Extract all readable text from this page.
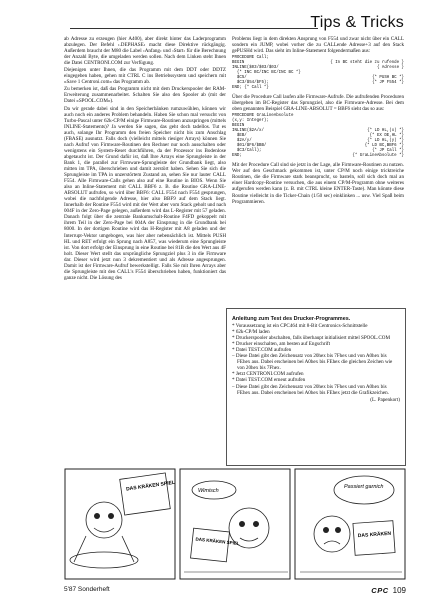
Tips & Tricks

ab Adresse zu erzeugen (hier A400), aber direkt hinter das Laderprogramm abzulegen. Der Befehl ›.DEPHASE‹ macht diese Direktive rückgängig. Außerdem braucht der M80 die Label ›Anfang‹ und ›Start‹ für die Berechnung der Anzahl Byte, die umgeladen werden sollen. Nach dem Linken steht Ihnen die Datei CENTRONI.COM zur Verfügung.

Diejenigen unter Ihnen, die das Programm mit dem DDT oder DDTZ eingegeben haben, gehen mit CTRL C ins Betriebssystem und speichern mit »Save 1 Centroni.com« das Programm ab.

Zu bemerken ist, daß das Programm nicht mit dem Druckerspooler der RAM-Erweiterung zusammenarbeitet. Schalten Sie also den Spooler ab (mit der Datei »SPOOL.COM«).

Da wir gerade dabei sind in den Speicherbänken rumzuwühlen, können wir auch noch ein anderes Problem behandeln. Haben Sie schon mal versucht von Turbo-Pascal unter 62k-CP/M einige Firmware-Routinen anzuspringen (mittels INLINE-Statements)? Ja werden Sie sagen, das geht doch tadellos. Tut es auch, solange Ihr Programm den freien Speicher nicht bis zum Anschlag (FBASE) ausnutzt. Falls doch (vielleicht mittels riesiger Arrays) können Sie nach Aufruf von Firmware-Routinen den Rechner nur noch ausschalten oder wenigstens ein System-Reset durchführen, da der Prozessor ins Bodenlose abgetaucht ist. Der Grund dafür ist, daß Ihre Arrays eine Sprungleiste in der Bank 1, die parallel zur Firmware-Sprungleiste der Grundbank liegt, also mitten im TPA, überschrieben und damit zerstört haben. Sehen Sie sich die Sprungleiste im TPA in unzerstörtem Zustand an, sehen Sie nur lauter CALL F554. Alle Firmware-Calls gehen also auf eine Routine in BIOS. Wenn Sie also an Inline-Statement mit CALL BBF6 z. B. die Routine GRA-LINE-ABSOLUT aufrufen, so wird über BBF6: CALL F554 nach F554 gesprungen, wobei die nachfolgende Adresse, hier also BBF9 auf dem Stack liegt. Innerhalb der Routine F554 wird mit der Wert aber vom Stack geholt und nach 004F in der Zero-Page gelegen, außerdem wird das L-Register mit 57 geladen. Danach folgt über die zentrale Bankumschalt-Routine F4FD gekoppelt mit ihrem Teil in der Zero-Page bei 004A der Einsprung in die Grundbank bei 8000. In der dortigen Routine wird das H-Register mit A8 geladen und der Interrupt-Vektor umgebogen, was hier aber nebensächlich ist. Mittels PUSH HL und RET erfolgt ein Sprung nach A857, was wiederum eine Sprungleiste ist. Von dort erfolgt der Einsprung in eine Routine bei 81B die den Wert aus 4F holt. Dieser Wert stellt das ursprüngliche Sprungziel plus 3 in die Firmware dar. Dieser wird jetzt nun 3 dekrementiert und als Adresse angesprungen. Damit ist der Firmware-Aufruf bewerkstelligt. Falls Sie mit Ihren Arrays aber die Sprungleiste mit den CALL's F554 überschrieben haben, funktioniert das ganze nicht. Die Lösung des

Problems liegt in dem direkten Ansprung von F554 und zwar nicht über ein CALL sondern ein JUMP, wobei vorher die zu CALLende Adresse+3 auf den Stack gePUSHd wird. Das sieht im Inline-Statement folgendermaßen aus:

PROCEDURE Call;
BEGIN	{ In BC steht die zu rufende }
INLINE($03/$03/$03/	{ Adresse }
{* INC BC/INC BC/INC BC *}
$C5/	{* PUSH BC *}
$C3/$54/$F5);	{* JP F554 *}
END; {* Call *}

Über die Procedure Call laufen alle Firmware-Aufrufe. Die aufrufenden Proceduren übergeben im BC-Register das Sprungziel, also die Firmware-Adresse. Bei dem oben genannten Beispiel GRA-LINE-ABSOLUT = BBF6 sieht das so aus:

PROCEDURE GraLineAbsolute
(x,y: Integer);
BEGIN
INLINE($2A/x/	{* LD HL,(x) *}
$EB/	{* EX DE,HL *}
$2A/y/	{* LD HL,(y) *}
$01/$F6/$BB/	{* LD BC,BBF6 *}
$C3/Call);	{* JP Call *}
END;	{* GraLineAbsolute *}

Mit der Procedure Call sind sie jetzt in der Lage, alle Firmware-Routinen zu nutzen. Wer auf den Geschmack gekommen ist, unter CP/M noch einige tricktreiche Routinen, die die Firmware stark beansprucht, so basteln, soll sich doch mal an einer Hardcopy-Routine versuchen, die aus einem CP/M-Programm ohne weiteres aufgerufen werden kann (z. B. mit CTRL kleine ENTER-Taste). Man könnte diese Routine vielleicht in die Ticker-Chain (1/50 sec) einklinken ... usw. Viel Spaß beim Programmieren.

Anleitung zum Test des Drucker-Programmes.

* Voraussetzung ist ein CPC464 mit 8-Bit Centronics-Schnittstelle

* 62k-CP/M laden

* Druckerspooler abschalten, falls überhaupt initialisiert mittel SPOOL.COM

* Drucker einschalten, am besten auf Engschrift

* Datei TEST.COM aufrufen

– Diese Datei gibt den Zeichensatz von 20hex bis 7Fhex und von A0hex bis FEhex aus. Dabei erscheinen bei A0hex bis FEhex die gleichen Zeichen wie von 20hex bis 7Fhex.

* Jetzt CENTRONI.COM aufrufen

* Datei TEST.COM erneut aufrufen

– Diese Datei gibt den Zeichensatz von 20hex bis 7Fhex und von A0hex bis FEhex aus. Dabei erscheinen bei A0hex bis FEhex jetzt die Grafikzeichen.

(L. Papenkort)
DAS KRÄKEN SPIEL	Wimisch
DAS KRÄKEN SPIEL
Passiert garnich
DAS KRÄKEN
5'87 Sonderheft	CPC 109
